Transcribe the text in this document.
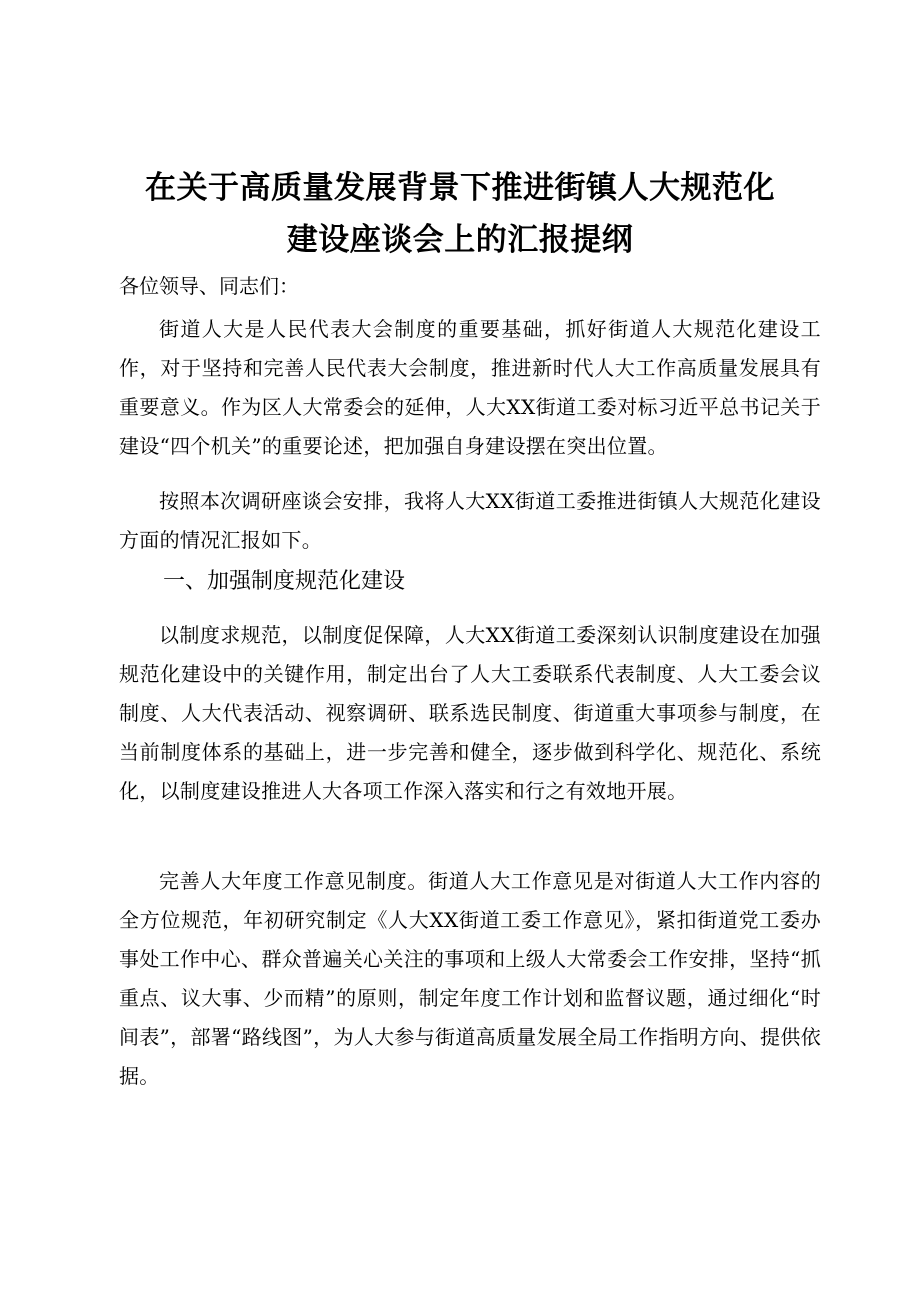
在关于高质量发展背景下推进街镇人大规范化
建设座谈会上的汇报提纲
各位领导、同志们：

街道人大是人民代表大会制度的重要基础，抓好街道人大规范化建设工作，对于坚持和完善人民代表大会制度，推进新时代人大工作高质量发展具有重要意义。作为区人大常委会的延伸，人大XX街道工委对标习近平总书记关于建设“四个机关”的重要论述，把加强自身建设摆在突出位置。

按照本次调研座谈会安排，我将人大XX街道工委推进街镇人大规范化建设方面的情况汇报如下。

一、加强制度规范化建设

以制度求规范，以制度促保障，人大XX街道工委深刻认识制度建设在加强规范化建设中的关键作用，制定出台了人大工委联系代表制度、人大工委会议制度、人大代表活动、视察调研、联系选民制度、街道重大事项参与制度，在当前制度体系的基础上，进一步完善和健全，逐步做到科学化、规范化、系统化，以制度建设推进人大各项工作深入落实和行之有效地开展。

完善人大年度工作意见制度。街道人大工作意见是对街道人大工作内容的全方位规范，年初研究制定《人大XX街道工委工作意见》，紧扣街道党工委办事处工作中心、群众普遍关心关注的事项和上级人大常委会工作安排，坚持“抓重点、议大事、少而精”的原则，制定年度工作计划和监督议题，通过细化“时间表”，部署“路线图”，为人大参与街道高质量发展全局工作指明方向、提供依据。
